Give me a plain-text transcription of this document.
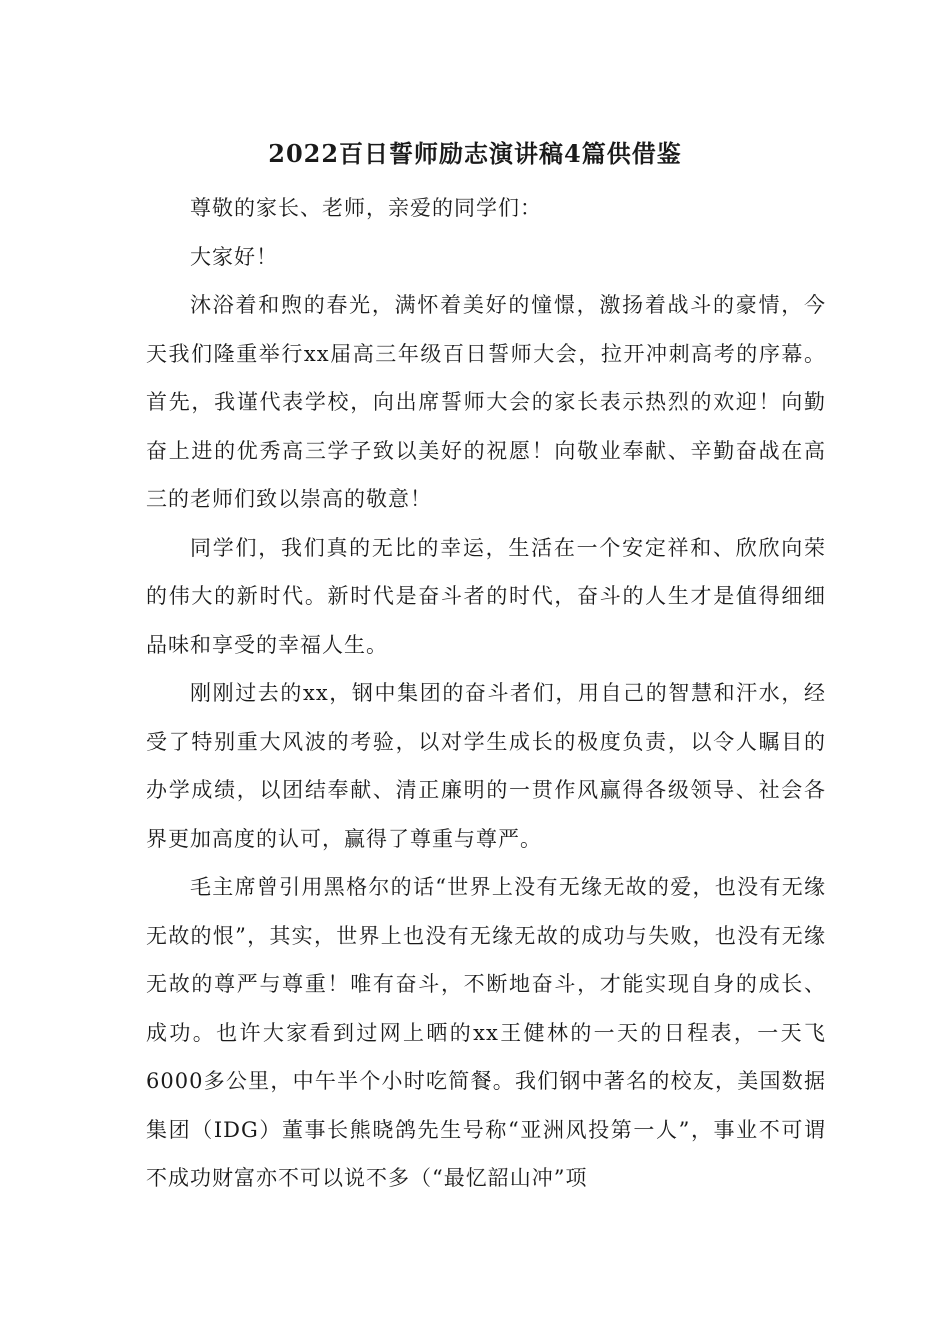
2022百日誓师励志演讲稿4篇供借鉴

尊敬的家长、老师，亲爱的同学们：

大家好！

沐浴着和煦的春光，满怀着美好的憧憬，激扬着战斗的豪情，今天我们隆重举行xx届高三年级百日誓师大会，拉开冲刺高考的序幕。首先，我谨代表学校，向出席誓师大会的家长表示热烈的欢迎！向勤奋上进的优秀高三学子致以美好的祝愿！向敬业奉献、辛勤奋战在高三的老师们致以崇高的敬意！

同学们，我们真的无比的幸运，生活在一个安定祥和、欣欣向荣的伟大的新时代。新时代是奋斗者的时代，奋斗的人生才是值得细细品味和享受的幸福人生。

刚刚过去的xx，钢中集团的奋斗者们，用自己的智慧和汗水，经受了特别重大风波的考验，以对学生成长的极度负责，以令人瞩目的办学成绩，以团结奉献、清正廉明的一贯作风赢得各级领导、社会各界更加高度的认可，赢得了尊重与尊严。

毛主席曾引用黑格尔的话“世界上没有无缘无故的爱，也没有无缘无故的恨”，其实，世界上也没有无缘无故的成功与失败，也没有无缘无故的尊严与尊重！唯有奋斗，不断地奋斗，才能实现自身的成长、成功。也许大家看到过网上晒的xx王健林的一天的日程表，一天飞6000多公里，中午半个小时吃简餐。我们钢中著名的校友，美国数据集团（IDG）董事长熊晓鸽先生号称“亚洲风投第一人”，事业不可谓不成功财富亦不可以说不多（“最忆韶山冲”项
